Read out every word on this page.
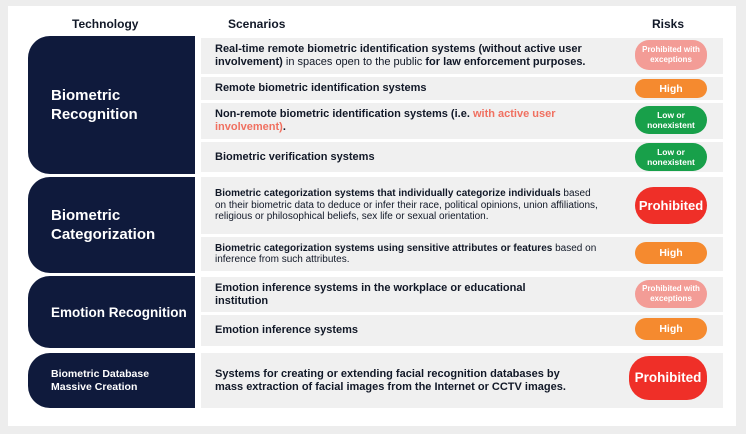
Technology	Scenarios	Risks
Biometric
Recognition
Biometric
Categorization
Emotion Recognition
Biometric Database
Massive Creation
Real-time remote biometric identification systems (without active user involvement) in spaces open to the public for law enforcement purposes.
Remote biometric identification systems
Non-remote biometric identification systems (i.e. with active user involvement).
Biometric verification systems
Biometric categorization systems that individually categorize individuals based on their biometric data to deduce or infer their race, political opinions, union affiliations, religious or philosophical beliefs, sex life or sexual orientation.
Biometric categorization systems using sensitive attributes or features based on inference from such attributes.
Emotion inference systems in the workplace or educational institution
Emotion inference systems
Systems for creating or extending facial recognition databases by mass extraction of facial images from the Internet or CCTV images.
Prohibited with exceptions
High
Low or nonexistent
Low or nonexistent
Prohibited
High
Prohibited with exceptions
High
Prohibited
